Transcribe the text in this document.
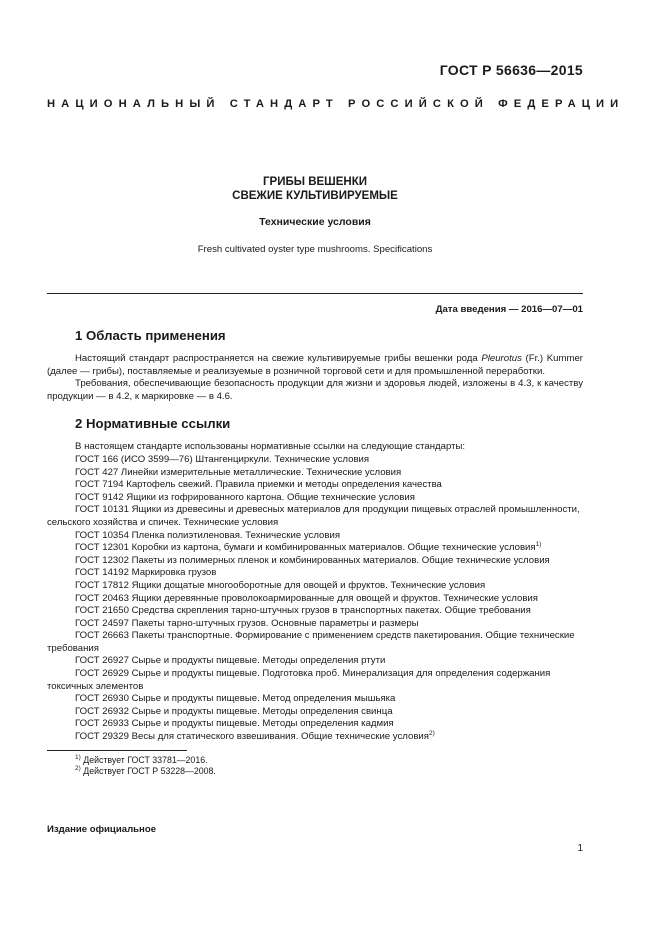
ГОСТ Р 56636—2015
НАЦИОНАЛЬНЫЙ СТАНДАРТ РОССИЙСКОЙ ФЕДЕРАЦИИ
ГРИБЫ ВЕШЕНКИ
СВЕЖИЕ КУЛЬТИВИРУЕМЫЕ
Технические условия
Fresh cultivated oyster type mushrooms. Specifications
Дата введения — 2016—07—01
1 Область применения

Настоящий стандарт распространяется на свежие культивируемые грибы вешенки рода Pleurotus (Fr.) Kummer (далее — грибы), поставляемые и реализуемые в розничной торговой сети и для промышленной переработки.

Требования, обеспечивающие безопасность продукции для жизни и здоровья людей, изложены в 4.3, к качеству продукции — в 4.2, к маркировке — в 4.6.

2 Нормативные ссылки

В настоящем стандарте использованы нормативные ссылки на следующие стандарты:

ГОСТ 166 (ИСО 3599—76) Штангенциркули. Технические условия

ГОСТ 427 Линейки измерительные металлические. Технические условия

ГОСТ 7194 Картофель свежий. Правила приемки и методы определения качества

ГОСТ 9142 Ящики из гофрированного картона. Общие технические условия

ГОСТ 10131 Ящики из древесины и древесных материалов для продукции пищевых отраслей промышленности, сельского хозяйства и спичек. Технические условия

ГОСТ 10354 Пленка полиэтиленовая. Технические условия

ГОСТ 12301 Коробки из картона, бумаги и комбинированных материалов. Общие технические условия$^{1)}$

ГОСТ 12302 Пакеты из полимерных пленок и комбинированных материалов. Общие технические условия

ГОСТ 14192 Маркировка грузов

ГОСТ 17812 Ящики дощатые многооборотные для овощей и фруктов. Технические условия

ГОСТ 20463 Ящики деревянные проволокоармированные для овощей и фруктов. Технические условия

ГОСТ 21650 Средства скрепления тарно-штучных грузов в транспортных пакетах. Общие требования

ГОСТ 24597 Пакеты тарно-штучных грузов. Основные параметры и размеры

ГОСТ 26663 Пакеты транспортные. Формирование с применением средств пакетирования. Общие технические требования

ГОСТ 26927 Сырье и продукты пищевые. Методы определения ртути

ГОСТ 26929 Сырье и продукты пищевые. Подготовка проб. Минерализация для определения содержания токсичных элементов

ГОСТ 26930 Сырье и продукты пищевые. Метод определения мышьяка

ГОСТ 26932 Сырье и продукты пищевые. Методы определения свинца

ГОСТ 26933 Сырье и продукты пищевые. Методы определения кадмия

ГОСТ 29329 Весы для статического взвешивания. Общие технические условия$^{2)}$

$^{1)}$ Действует ГОСТ 33781—2016.
$^{2)}$ Действует ГОСТ Р 53228—2008.
Издание официальное
1
